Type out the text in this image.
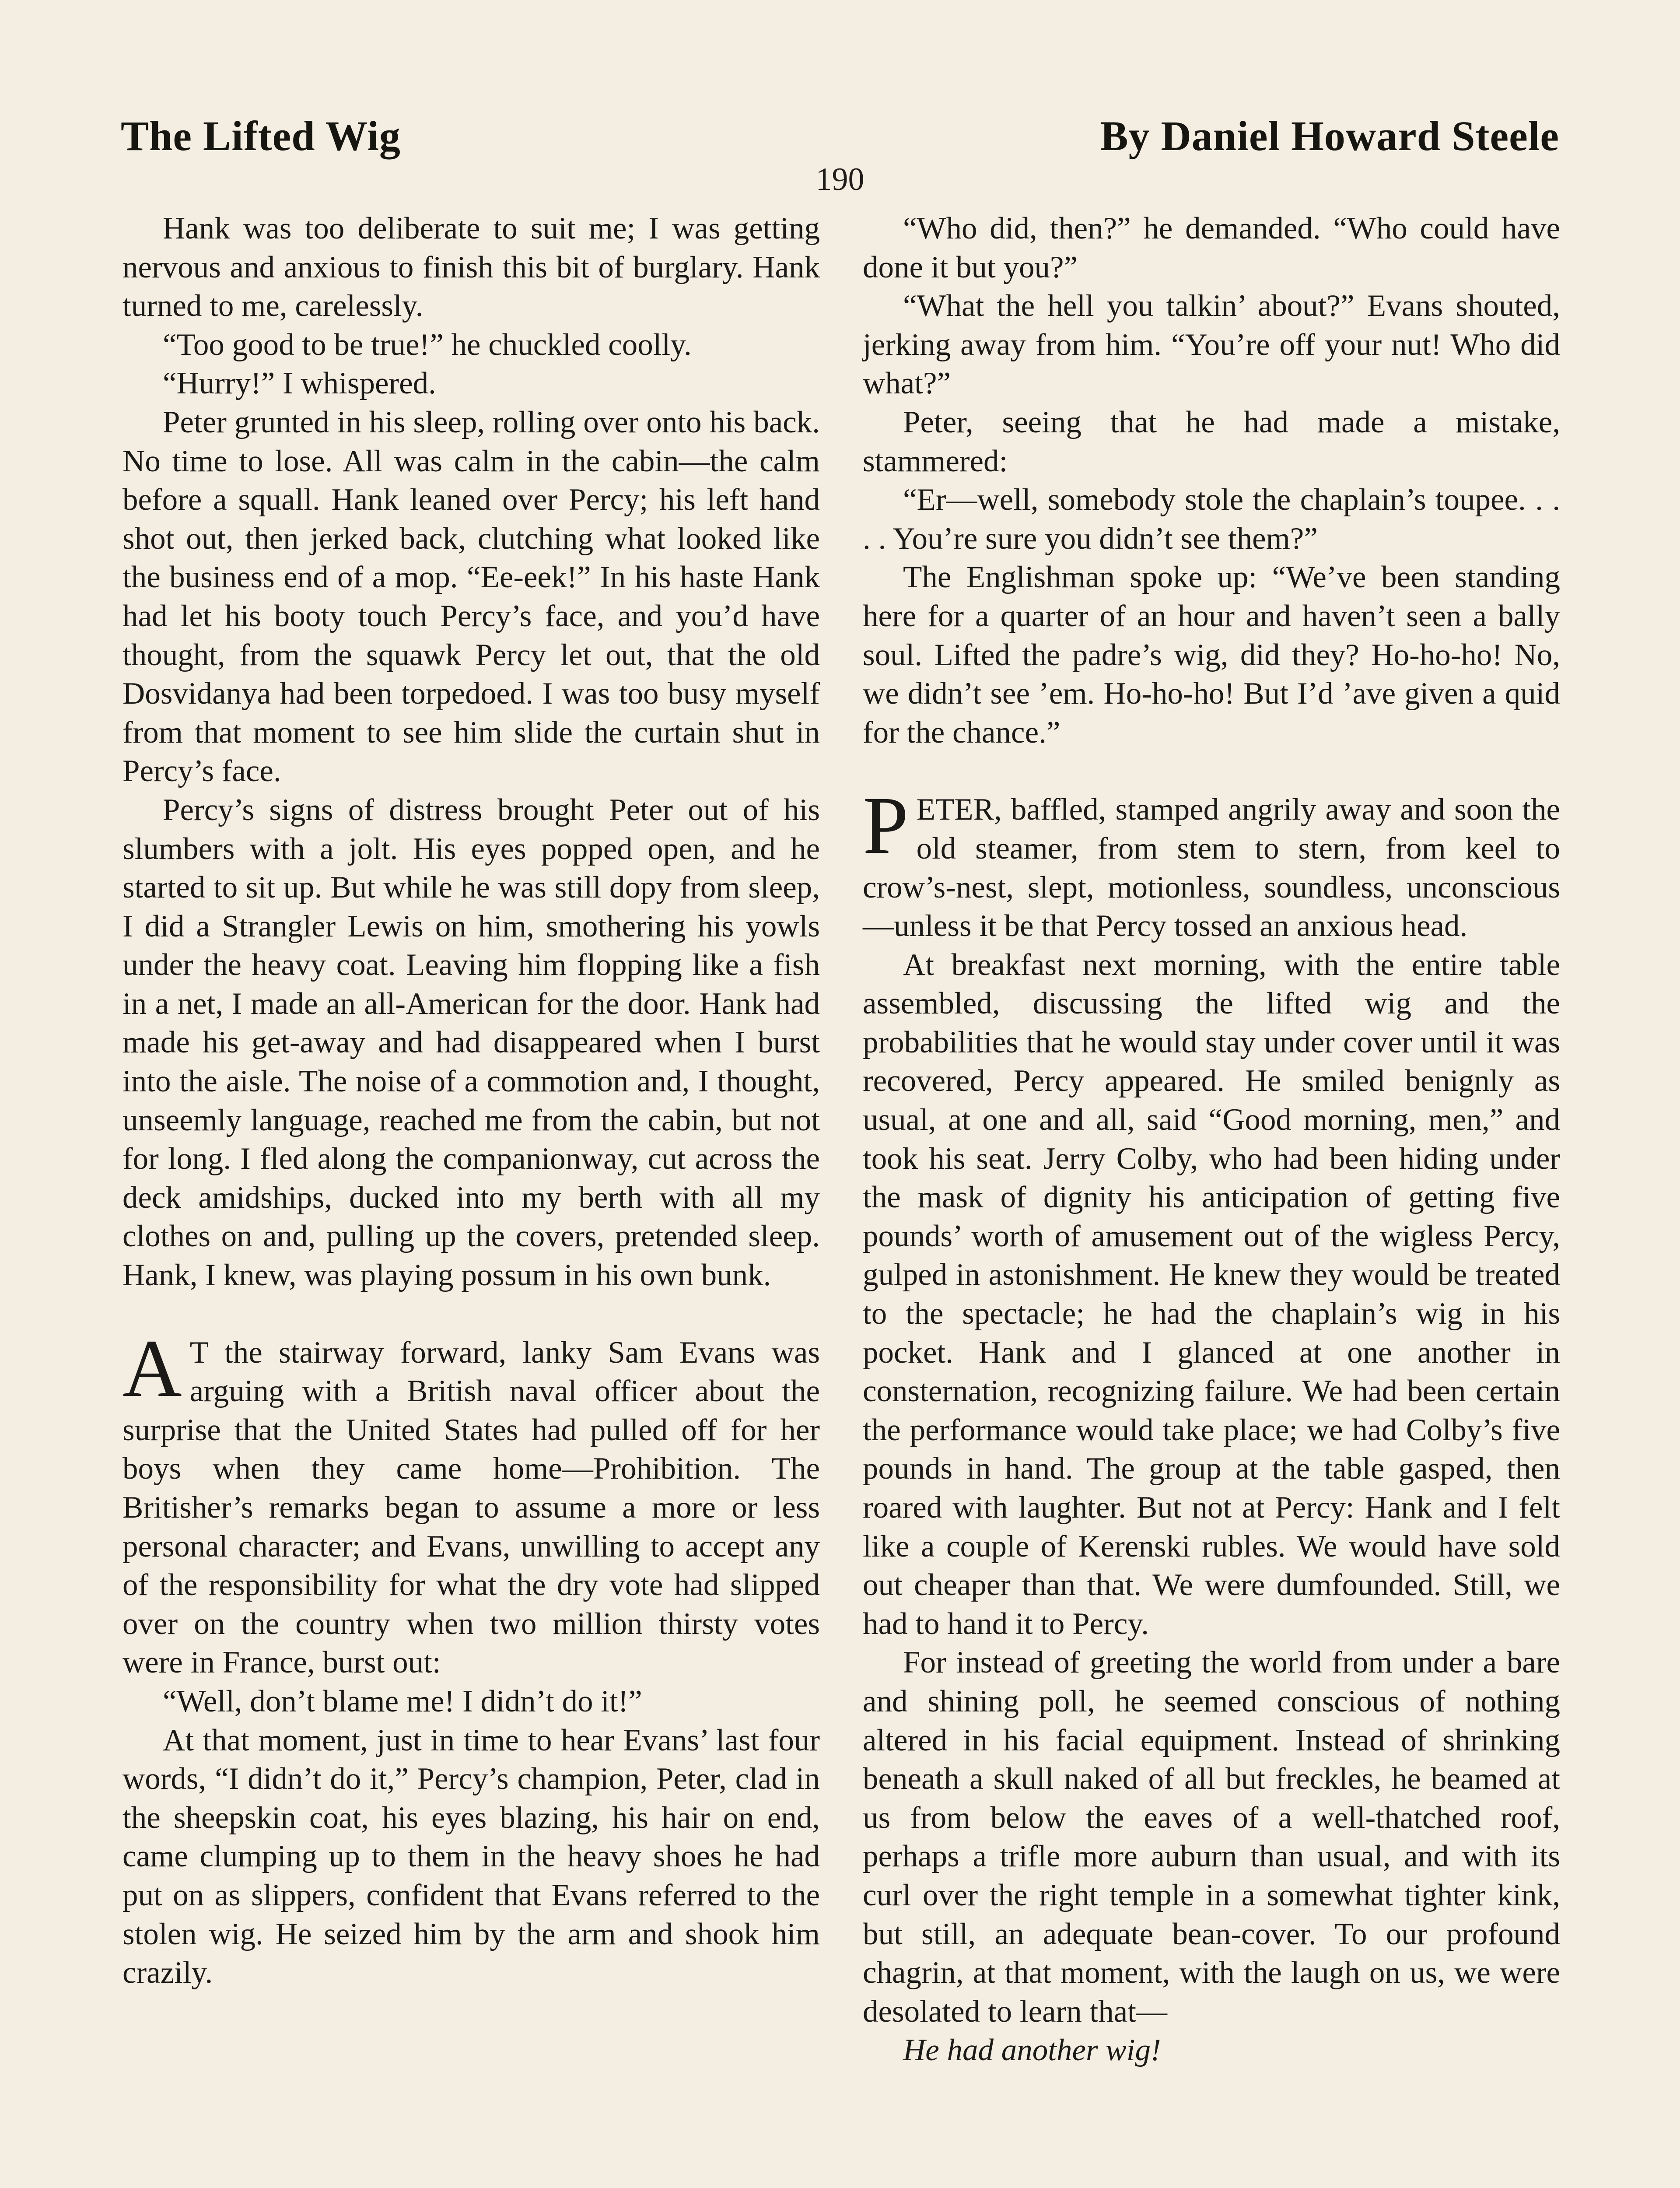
The Lifted Wig	By Daniel Howard Steele
190

Hank was too deliberate to suit me; I was getting nervous and anxious to finish this bit of burglary. Hank turned to me, carelessly.

“Too good to be true!” he chuckled coolly.

“Hurry!” I whispered.

Peter grunted in his sleep, rolling over onto his back. No time to lose. All was calm in the cabin—the calm before a squall. Hank leaned over Percy; his left hand shot out, then jerked back, clutching what looked like the business end of a mop. “Ee-eek!” In his haste Hank had let his booty touch Percy’s face, and you’d have thought, from the squawk Percy let out, that the old Dosvidanya had been torpedoed. I was too busy myself from that moment to see him slide the curtain shut in Percy’s face.

Percy’s signs of distress brought Peter out of his slumbers with a jolt. His eyes popped open, and he started to sit up. But while he was still dopy from sleep, I did a Strangler Lewis on him, smothering his yowls under the heavy coat. Leaving him flopping like a fish in a net, I made an all-American for the door. Hank had made his get-away and had disappeared when I burst into the aisle. The noise of a commotion and, I thought, unseemly language, reached me from the cabin, but not for long. I fled along the companionway, cut across the deck amidships, ducked into my berth with all my clothes on and, pulling up the covers, pretended sleep. Hank, I knew, was playing possum in his own bunk.

A T the stairway forward, lanky Sam Evans was arguing with a British naval officer about the surprise that the United States had pulled off for her boys when they came home—Prohibition. The Britisher’s remarks began to assume a more or less personal character; and Evans, unwilling to accept any of the responsibility for what the dry vote had slipped over on the country when two million thirsty votes were in France, burst out:

“Well, don’t blame me! I didn’t do it!”

At that moment, just in time to hear Evans’ last four words, “I didn’t do it,” Percy’s champion, Peter, clad in the sheepskin coat, his eyes blazing, his hair on end, came clumping up to them in the heavy shoes he had put on as slippers, confident that Evans referred to the stolen wig. He seized him by the arm and shook him crazily.

“Who did, then?” he demanded. “Who could have done it but you?”

“What the hell you talkin’ about?” Evans shouted, jerking away from him. “You’re off your nut! Who did what?”

Peter, seeing that he had made a mistake, stammered:

“Er—well, somebody stole the chaplain’s toupee. . . . . You’re sure you didn’t see them?”

The Englishman spoke up: “We’ve been standing here for a quarter of an hour and haven’t seen a bally soul. Lifted the padre’s wig, did they? Ho-ho-ho! No, we didn’t see ’em. Ho-ho-ho! But I’d ’ave given a quid for the chance.”

PETER, baffled, stamped angrily away and soon the old steamer, from stem to stern, from keel to crow’s-nest, slept, motionless, soundless, unconscious—unless it be that Percy tossed an anxious head.

At breakfast next morning, with the entire table assembled, discussing the lifted wig and the probabilities that he would stay under cover until it was recovered, Percy appeared. He smiled benignly as usual, at one and all, said “Good morning, men,” and took his seat. Jerry Colby, who had been hiding under the mask of dignity his anticipation of getting five pounds’ worth of amusement out of the wigless Percy, gulped in astonishment. He knew they would be treated to the spectacle; he had the chaplain’s wig in his pocket. Hank and I glanced at one another in consternation, recognizing failure. We had been certain the performance would take place; we had Colby’s five pounds in hand. The group at the table gasped, then roared with laughter. But not at Percy: Hank and I felt like a couple of Kerenski rubles. We would have sold out cheaper than that. We were dumfounded. Still, we had to hand it to Percy.

For instead of greeting the world from under a bare and shining poll, he seemed conscious of nothing altered in his facial equipment. Instead of shrinking beneath a skull naked of all but freckles, he beamed at us from below the eaves of a well-thatched roof, perhaps a trifle more auburn than usual, and with its curl over the right temple in a somewhat tighter kink, but still, an adequate bean-cover. To our profound chagrin, at that moment, with the laugh on us, we were desolated to learn that—

He had another wig!
